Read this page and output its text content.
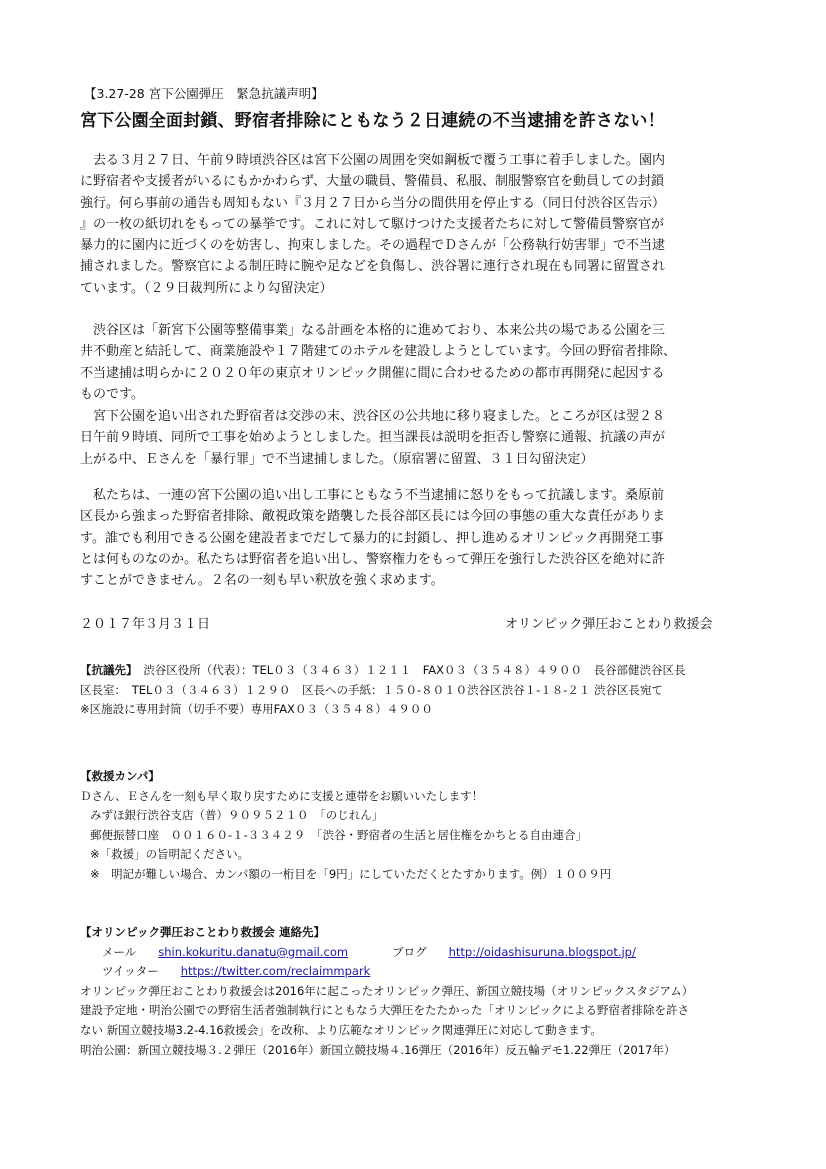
【3.27-28 宮下公園弾圧　緊急抗議声明】
宮下公園全面封鎖、野宿者排除にともなう２日連続の不当逮捕を許さない！
　去る３月２７日、午前９時頃渋谷区は宮下公園の周囲を突如鋼板で覆う工事に着手しました。園内
に野宿者や支援者がいるにもかかわらず、大量の職員、警備員、私服、制服警察官を動員しての封鎖
強行。何ら事前の通告も周知もない『３月２７日から当分の間供用を停止する（同日付渋谷区告示）
』の一枚の紙切れをもっての暴挙です。これに対して駆けつけた支援者たちに対して警備員警察官が
暴力的に園内に近づくのを妨害し、拘束しました。その過程でＤさんが「公務執行妨害罪」で不当逮
捕されました。警察官による制圧時に腕や足などを負傷し、渋谷署に連行され現在も同署に留置され
ています。（２９日裁判所により勾留決定）
　渋谷区は「新宮下公園等整備事業」なる計画を本格的に進めており、本来公共の場である公園を三
井不動産と結託して、商業施設や１７階建てのホテルを建設しようとしています。今回の野宿者排除、
不当逮捕は明らかに２０２０年の東京オリンピック開催に間に合わせるための都市再開発に起因する
ものです。
　宮下公園を追い出された野宿者は交渉の末、渋谷区の公共地に移り寝ました。ところが区は翌２８
日午前９時頃、同所で工事を始めようとしました。担当課長は説明を拒否し警察に通報、抗議の声が
上がる中、Ｅさんを「暴行罪」で不当逮捕しました。（原宿署に留置、３１日勾留決定）
　私たちは、一連の宮下公園の追い出し工事にともなう不当逮捕に怒りをもって抗議します。桑原前
区長から強まった野宿者排除、敵視政策を踏襲した長谷部区長には今回の事態の重大な責任がありま
す。誰でも利用できる公園を建設者までだして暴力的に封鎖し、押し進めるオリンピック再開発工事
とは何ものなのか。私たちは野宿者を追い出し、警察権力をもって弾圧を強行した渋谷区を絶対に許
すことができません。２名の一刻も早い釈放を強く求めます。
２０１７年３月３１日	オリンピック弾圧おことわり救援会
【抗議先】　渋谷区役所（代表）：TEL０３（３４６３）１２１１　FAX０３（３５４８）４９００　長谷部健渋谷区長
区長室：　TEL０３（３４６３）１２９０　区長への手紙：１５０-８０１０渋谷区渋谷１-１８-２１ 渋谷区長宛て
※区施設に専用封筒（切手不要）専用FAX０３（３５４８）４９００
【救援カンパ】
Ｄさん、Ｅさんを一刻も早く取り戻すために支援と連帯をお願いいたします！
みずほ銀行渋谷支店（普）９０９５２１０　「のじれん」
郵便振替口座　００１６０-１-３３４２９　「渋谷・野宿者の生活と居住権をかちとる自由連合」
※「救援」の旨明記ください。
※　明記が難しい場合、カンパ額の一桁目を「9円」にしていただくとたすかります。例）１００９円
【オリンピック弾圧おことわり救援会 連絡先】
メール shin.kokuritu.danatu@gmail.com	ブログ http://oidashisuruna.blogspot.jp/
ツイッター https://twitter.com/reclaimmpark
オリンピック弾圧おことわり救援会は2016年に起こったオリンピック弾圧、新国立競技場（オリンピックスタジアム）
建設予定地・明治公園での野宿生活者強制執行にともなう大弾圧をたたかった「オリンピックによる野宿者排除を許さ
ない 新国立競技場3.2-4.16救援会」を改称、より広範なオリンピック関連弾圧に対応して動きます。
明治公園：新国立競技場３.２弾圧（2016年）新国立競技場４.16弾圧（2016年）反五輪デモ1.22弾圧（2017年）
